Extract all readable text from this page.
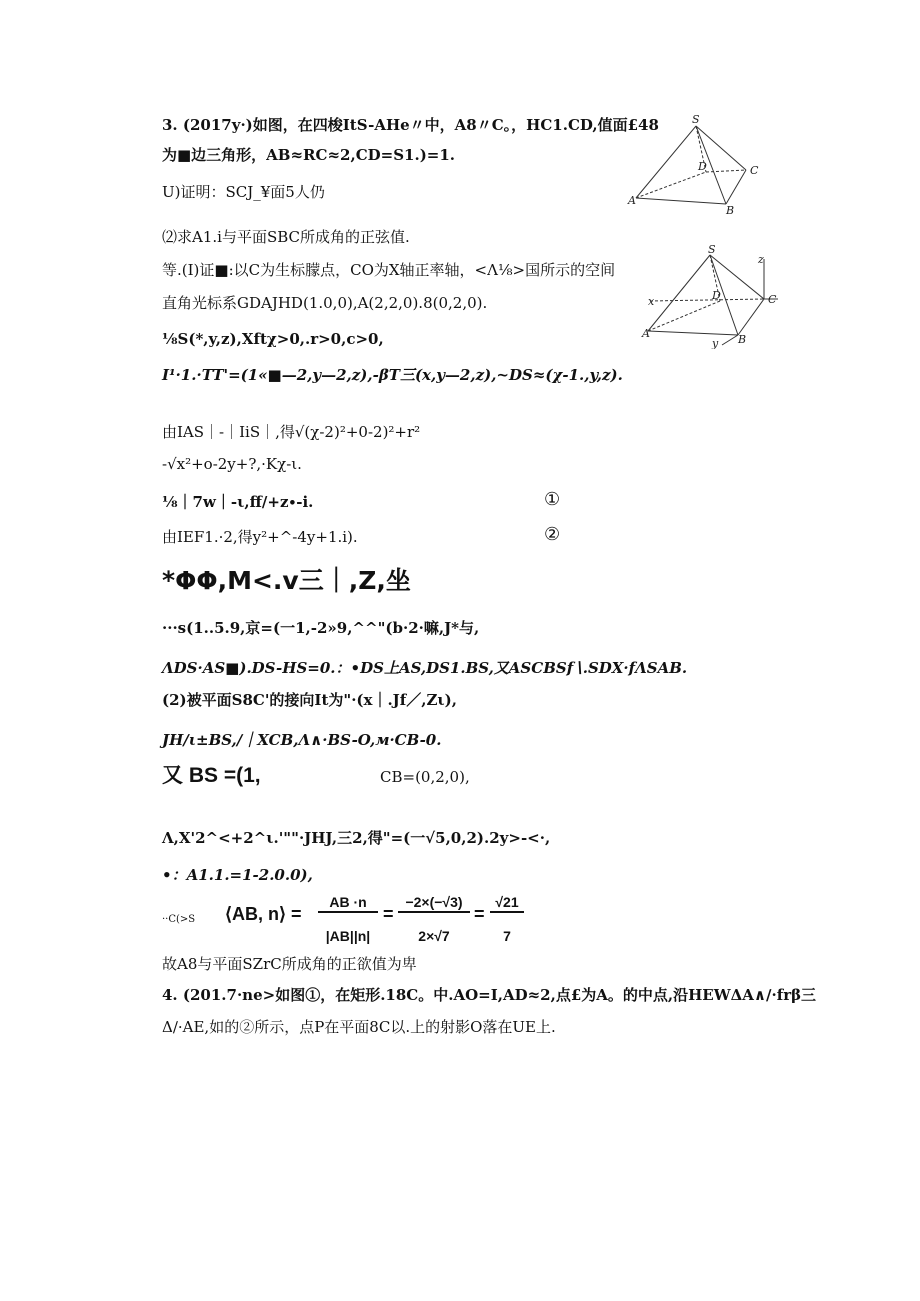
3. (2017y·)如图，在四梭ItS-AHe〃中，A8〃C。，HC1.CD,值面£48
为■边三角形，AB≈RC≈2,CD=S1.)=1.
U)证明：SCJ_¥面5人仍
⑵求A1.i与平面SBC所成角的正弦值.
等.(I)证■:以C为生标朦点，CO为X轴正率轴，<Λ⅛>国所示的空间
直角光标系GDAJHD(1.0,0),A(2,2,0).8(0,2,0).
⅛S(*,y,z),Xftχ>0,.r>0,c>0,
I¹·1.·TT'=(1«■—2,y—2,z),-βT三(x,y—2,z),~DS≈(χ-1.,y,z).
由IAS｜-｜IiS｜,得√(χ-2)²+0-2)²+r²
-√x²+o-2y+?,·Kχ-ι.
⅛｜7w｜-ι,ff/+z∙-i.	①
由IEF1.·2,得y²+^-4y+1.i).	②
*ΦΦ,M<.v三｜,Z,坐
···s(1..5.9,京=(一1,-2»9,^^"(b·2·嘛,J*与,
ΛDS·AS■).DS-HS=0.：•DS上AS,DS1.BS,又ASCBSf∖.SDX·fΛSAB.
(2)被平面S8C'的接向It为"·(x｜.Jf／,Zι),
JH∕ι±BS,∕｜XCB,Λ∧·BS-O,м·CB-0.
又 BS =(1,	CB=(0,2,0),
Λ,X'2^<+2^ι.'""·JHJ,三2,得"=(一√5,0,2).2y>-<·,
•：A1.1.=1-2.0.0),
··C(>S ⟨AB, n⟩ =
AB ·n
|AB||n|
=
−2×(−√3)
2×√7
=
√21
7
故A8与平面SZrC所成角的正欲值为卑
4. (201.7·ne>如图①，在矩形.18C。中.AO=I,AD≈2,点£为A。的中点,沿HEWΔA∧∕·frβ三
Δ∕·AE,如的②所示，点P在平面8C以.上的射影O落在UE上.
S
D	C
A
B
S
z
D	C
x
A	B
y
